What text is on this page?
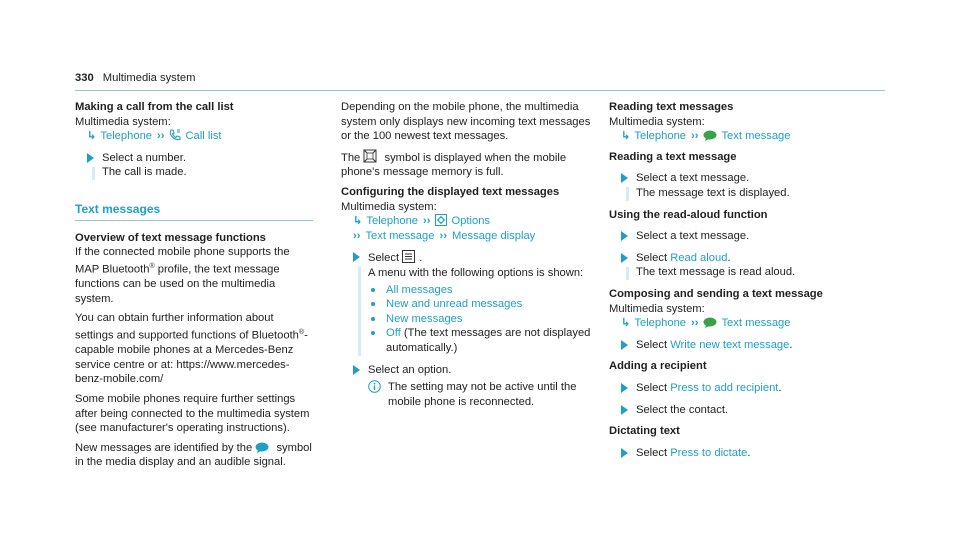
330 Multimedia system
Making a call from the call list
Multimedia system:
↳ Telephone ›› Call list
Select a number.
The call is made.
Text messages
Overview of text message functions
If the connected mobile phone supports the MAP Bluetooth® profile, the text message functions can be used on the multimedia system.
You can obtain further information about settings and supported functions of Bluetooth®-capable mobile phones at a Mercedes-Benz service centre or at: https://www.mercedes-benz-mobile.com/
Some mobile phones require further settings after being connected to the multimedia system (see manufacturer's operating instructions).
New messages are identified by the  symbol in the media display and an audible signal.
Depending on the mobile phone, the multimedia system only displays new incoming text messages or the 100 newest text messages.
The  symbol is displayed when the mobile phone's message memory is full.
Configuring the displayed text messages
Multimedia system:
↳ Telephone ›› Options
›› Text message ›› Message display
Select .
A menu with the following options is shown:
All messages
New and unread messages
New messages
Off (The text messages are not displayed automatically.)
Select an option.
The setting may not be active until the mobile phone is reconnected.
Reading text messages
Multimedia system:
↳ Telephone ›› Text message
Reading a text message
Select a text message.
The message text is displayed.
Using the read-aloud function
Select a text message.
Select Read aloud.
The text message is read aloud.
Composing and sending a text message
Multimedia system:
↳ Telephone ›› Text message
Select Write new text message.
Adding a recipient
Select Press to add recipient.
Select the contact.
Dictating text
Select Press to dictate.
